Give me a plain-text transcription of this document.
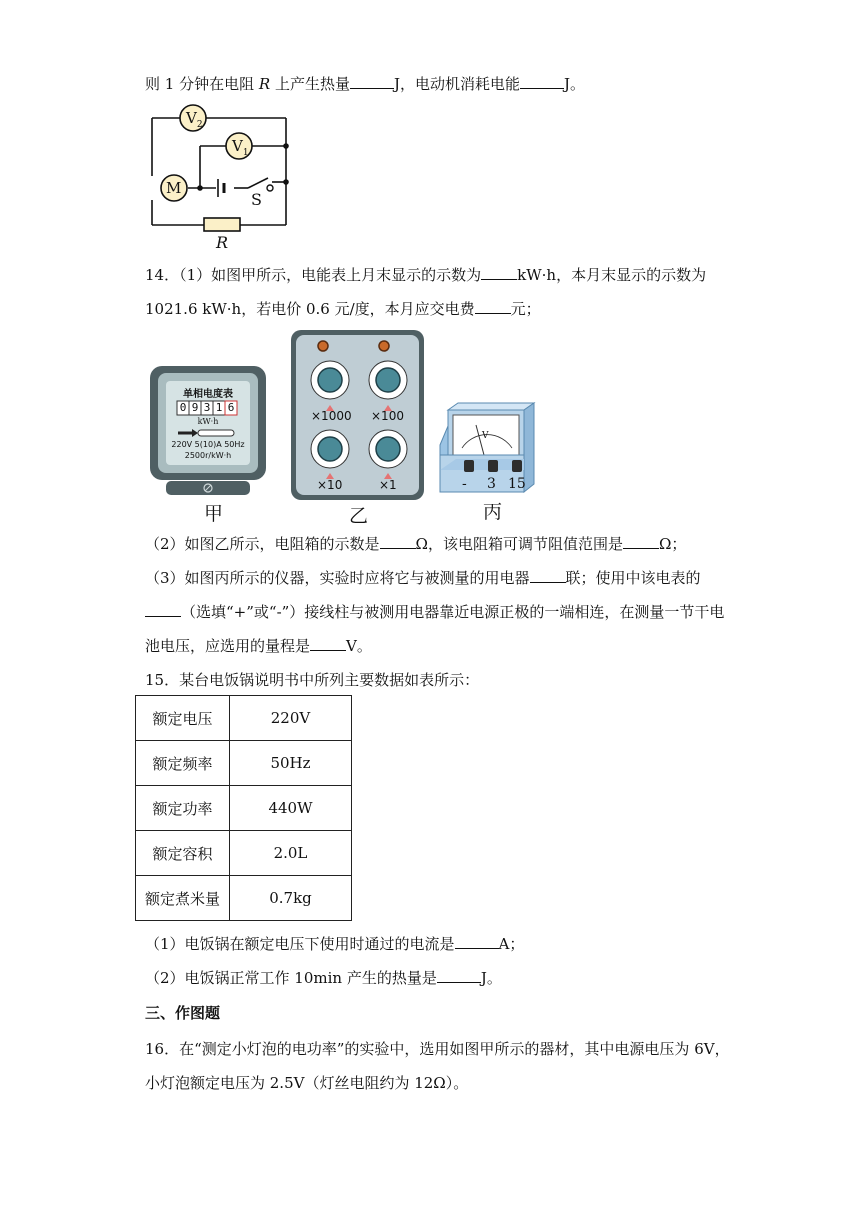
则 1 分钟在电阻 R 上产生热量	J，电动机消耗电能	J。
$V_2$
$V_1$
M
S
R
14．（1）如图甲所示，电能表上月末显示的示数为 kW·h，本月末显示的示数为
1021.6 kW·h，若电价 0.6 元/度，本月应交电费 元；
单相电度表
0 9 3 1 6
kW·h
220V 5(10)A 50Hz
2500r/kW·h
甲
×1000 ×100
×10	×1
乙
V
- 3 15
丙
（2）如图乙所示，电阻箱的示数是 Ω，该电阻箱可调节阻值范围是 Ω；
（3）如图丙所示的仪器，实验时应将它与被测量的用电器 联；使用中该电表的
（选填“+”或“-”）接线柱与被测用电器靠近电源正极的一端相连，在测量一节干电
池电压，应选用的量程是 V。
15．某台电饭锅说明书中所列主要数据如表所示：
额定电压	220V
额定频率	50Hz
额定功率	440W
额定容积	2.0L
额定煮米量	0.7kg
（1）电饭锅在额定电压下使用时通过的电流是	A；
（2）电饭锅正常工作 10min 产生的热量是	J。
三、作图题
16．在“测定小灯泡的电功率”的实验中，选用如图甲所示的器材，其中电源电压为 6V，
小灯泡额定电压为 2.5V（灯丝电阻约为 12Ω）。
